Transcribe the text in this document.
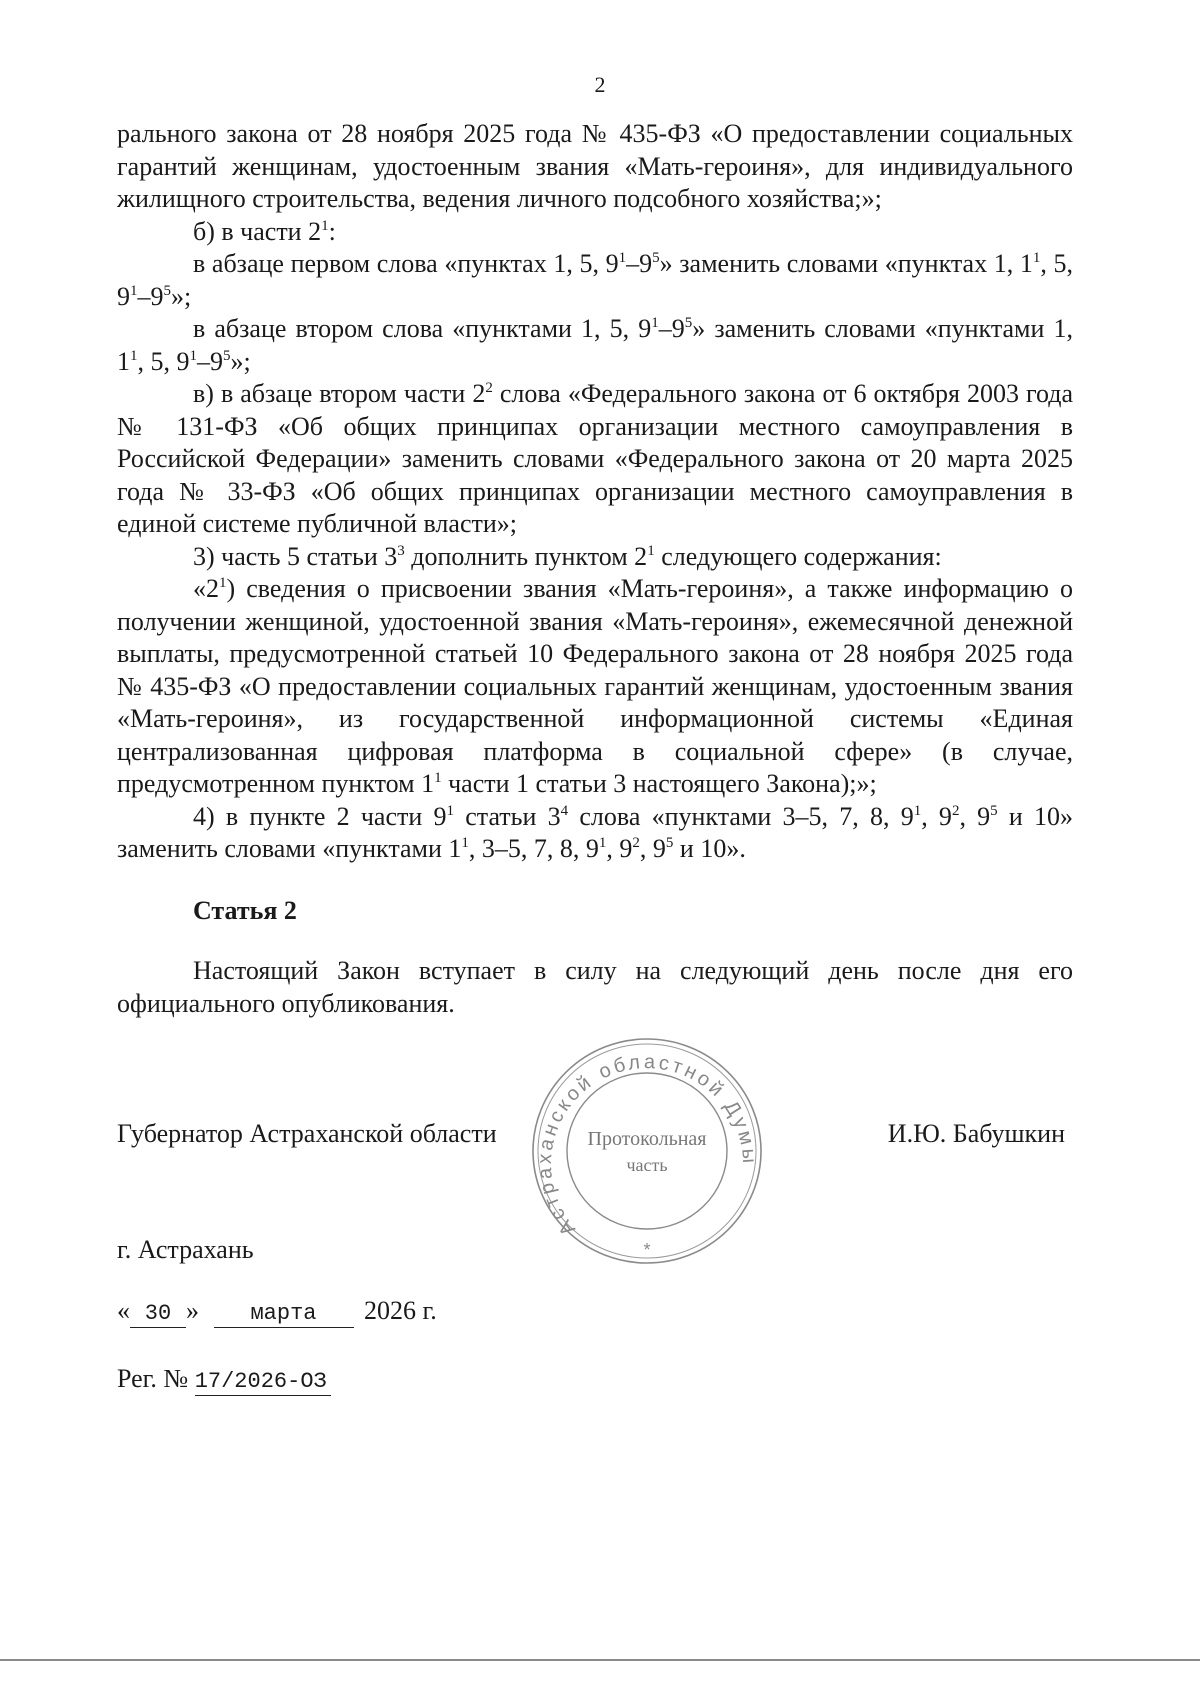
2

рального закона от 28 ноября 2025 года № 435-ФЗ «О предоставлении социальных гарантий женщинам, удостоенным звания «Мать-героиня», для индивидуального жилищного строительства, ведения личного подсобного хозяйства;»;

б) в части $2^1$:

в абзаце первом слова «пунктах 1, 5, $9^1-9^5$» заменить словами «пунктах 1, $1^1$, 5, $9^1-9^5$»;

в абзаце втором слова «пунктами 1, 5, $9^1-9^5$» заменить словами «пунктами 1, $1^1$, 5, $9^1-9^5$»;

в) в абзаце втором части $2^2$ слова «Федерального закона от 6 октября 2003 года № 131-ФЗ «Об общих принципах организации местного самоуправления в Российской Федерации» заменить словами «Федерального закона от 20 марта 2025 года № 33-ФЗ «Об общих принципах организации местного самоуправления в единой системе публичной власти»;

3) часть 5 статьи $3^3$ дополнить пунктом $2^1$ следующего содержания:

«$2^1$) сведения о присвоении звания «Мать-героиня», а также информацию о получении женщиной, удостоенной звания «Мать-героиня», ежемесячной денежной выплаты, предусмотренной статьей 10 Федерального закона от 28 ноября 2025 года № 435-ФЗ «О предоставлении социальных гарантий женщинам, удостоенным звания «Мать-героиня», из государственной информационной системы «Единая централизованная цифровая платформа в социальной сфере» (в случае, предусмотренном пунктом $1^1$ части 1 статьи 3 настоящего Закона);»;

4) в пункте 2 части $9^1$ статьи $3^4$ слова «пунктами 3–5, 7, 8, $9^1$, $9^2$, $9^5$ и 10» заменить словами «пунктами $1^1$, 3–5, 7, 8, $9^1$, $9^2$, $9^5$ и 10».

Статья 2

Настоящий Закон вступает в силу на следующий день после дня его официального опубликования.

Губернатор Астраханской области	И.Ю. Бабушкин
Астраханской областной Думы
Протокольная
часть
*
г. Астрахань
« 30 » марта 2026 г.
Рег. № 17/2026-ОЗ
